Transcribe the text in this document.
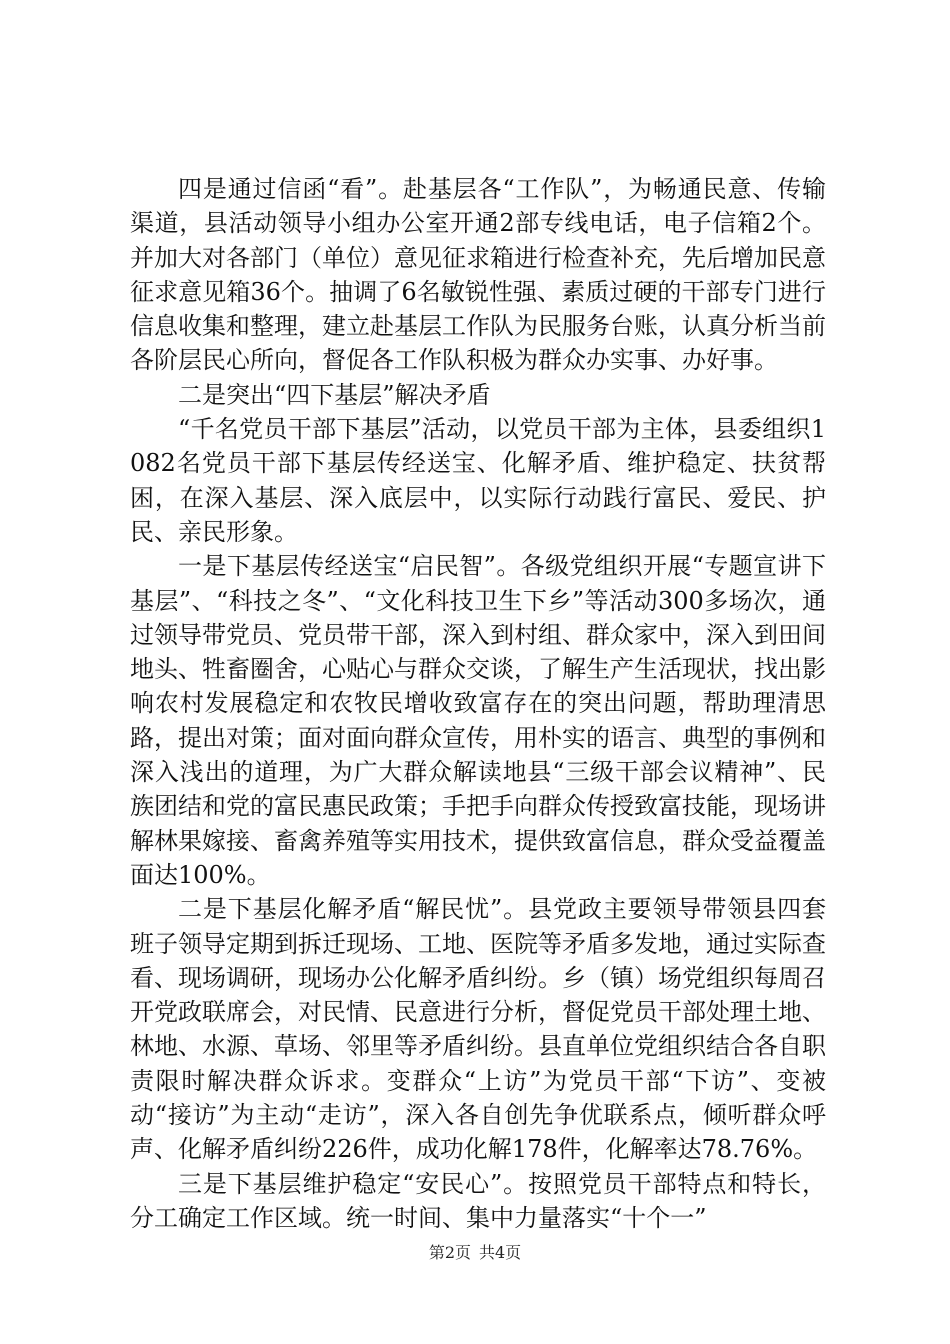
四是通过信函“看”。赴基层各“工作队”，为畅通民意、传输渠道，县活动领导小组办公室开通2部专线电话，电子信箱2个。并加大对各部门（单位）意见征求箱进行检查补充，先后增加民意征求意见箱36个。抽调了6名敏锐性强、素质过硬的干部专门进行信息收集和整理，建立赴基层工作队为民服务台账，认真分析当前各阶层民心所向，督促各工作队积极为群众办实事、办好事。

二是突出“四下基层”解决矛盾

“千名党员干部下基层”活动，以党员干部为主体，县委组织1082名党员干部下基层传经送宝、化解矛盾、维护稳定、扶贫帮困，在深入基层、深入底层中，以实际行动践行富民、爱民、护民、亲民形象。

一是下基层传经送宝“启民智”。各级党组织开展“专题宣讲下基层”、“科技之冬”、“文化科技卫生下乡”等活动300多场次，通过领导带党员、党员带干部，深入到村组、群众家中，深入到田间地头、牲畜圈舍，心贴心与群众交谈，了解生产生活现状，找出影响农村发展稳定和农牧民增收致富存在的突出问题，帮助理清思路，提出对策；面对面向群众宣传，用朴实的语言、典型的事例和深入浅出的道理，为广大群众解读地县“三级干部会议精神”、民族团结和党的富民惠民政策；手把手向群众传授致富技能，现场讲解林果嫁接、畜禽养殖等实用技术，提供致富信息，群众受益覆盖面达100%。

二是下基层化解矛盾“解民忧”。县党政主要领导带领县四套班子领导定期到拆迁现场、工地、医院等矛盾多发地，通过实际查看、现场调研，现场办公化解矛盾纠纷。乡（镇）场党组织每周召开党政联席会，对民情、民意进行分析，督促党员干部处理土地、林地、水源、草场、邻里等矛盾纠纷。县直单位党组织结合各自职责限时解决群众诉求。变群众“上访”为党员干部“下访”、变被动“接访”为主动“走访”，深入各自创先争优联系点，倾听群众呼声、化解矛盾纠纷226件，成功化解178件，化解率达78.76%。

三是下基层维护稳定“安民心”。按照党员干部特点和特长，分工确定工作区域。统一时间、集中力量落实“十个一”

第2页 共4页
